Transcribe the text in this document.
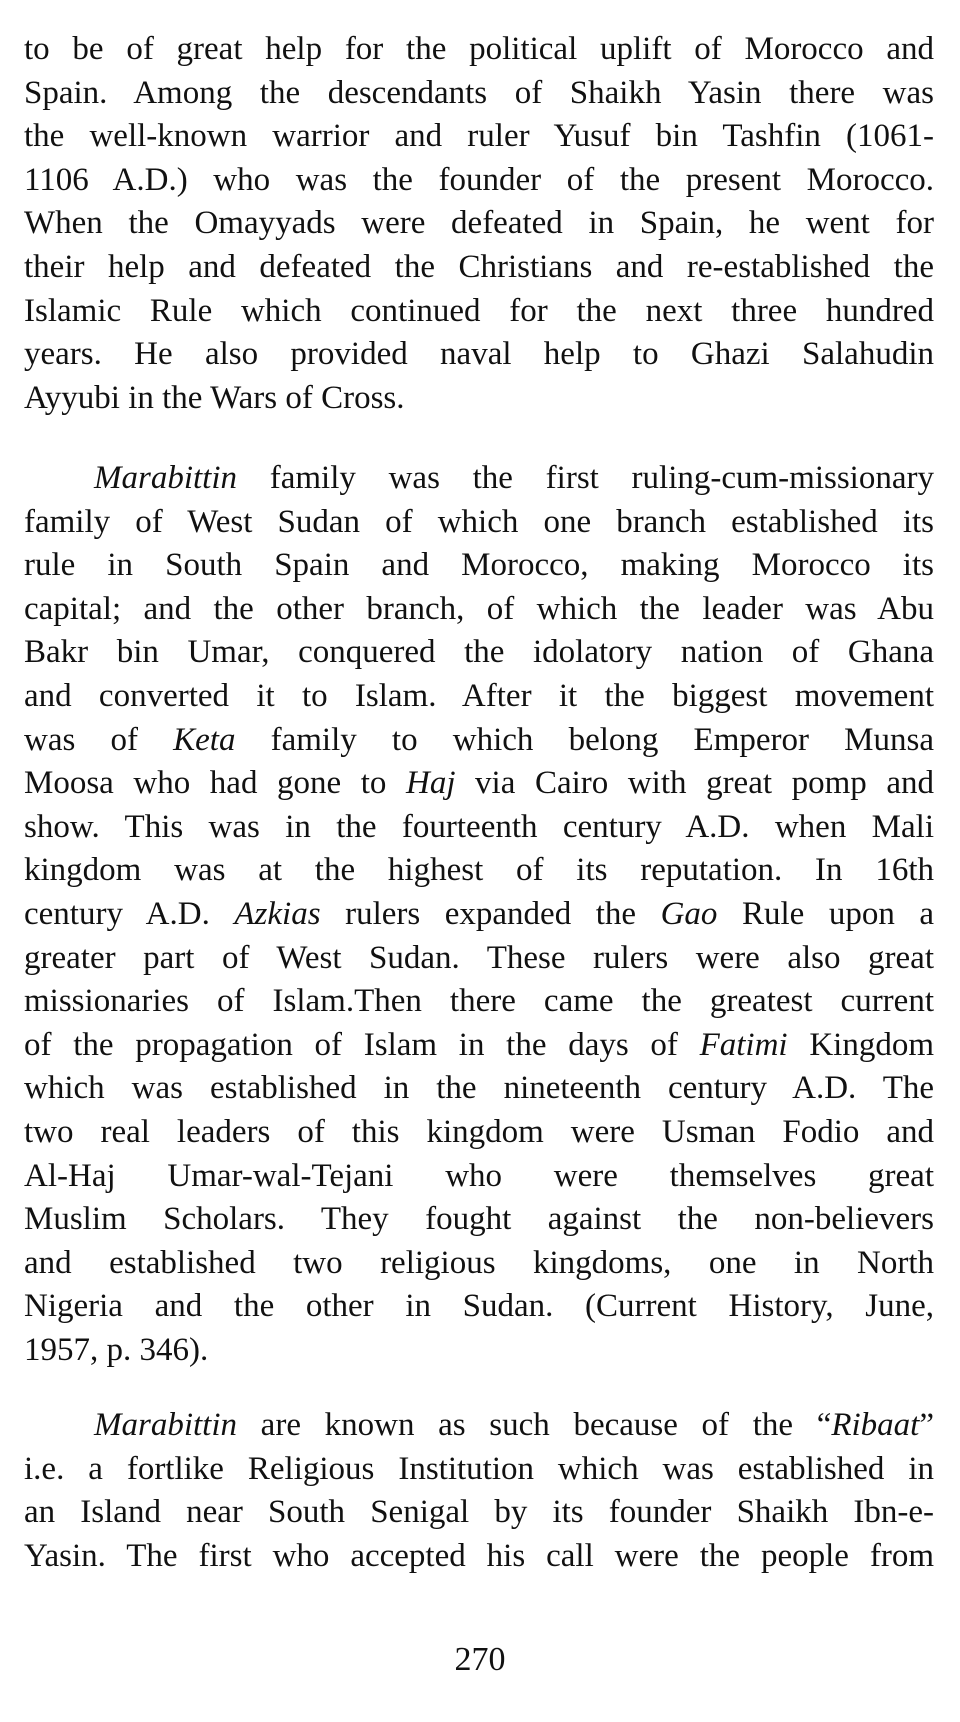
to be of great help for the political uplift of Morocco and
Spain. Among the descendants of Shaikh Yasin there was
the well-known warrior and ruler Yusuf bin Tashfin (1061-
1106 A.D.) who was the founder of the present Morocco.
When the Omayyads were defeated in Spain, he went for
their help and defeated the Christians and re-established the
Islamic Rule which continued for the next three hundred
years. He also provided naval help to Ghazi Salahudin
Ayyubi in the Wars of Cross.
Marabittin family was the first ruling-cum-missionary
family of West Sudan of which one branch established its
rule in South Spain and Morocco, making Morocco its
capital; and the other branch, of which the leader was Abu
Bakr bin Umar, conquered the idolatory nation of Ghana
and converted it to Islam. After it the biggest movement
was of Keta family to which belong Emperor Munsa
Moosa who had gone to Haj via Cairo with great pomp and
show. This was in the fourteenth century A.D. when Mali
kingdom was at the highest of its reputation. In 16th
century A.D. Azkias rulers expanded the Gao Rule upon a
greater part of West Sudan. These rulers were also great
missionaries of Islam.Then there came the greatest current
of the propagation of Islam in the days of Fatimi Kingdom
which was established in the nineteenth century A.D. The
two real leaders of this kingdom were Usman Fodio and
Al-Haj Umar-wal-Tejani who were themselves great
Muslim Scholars. They fought against the non-believers
and established two religious kingdoms, one in North
Nigeria and the other in Sudan. (Current History, June,
1957, p. 346).
Marabittin are known as such because of the “Ribaat”
i.e. a fortlike Religious Institution which was established in
an Island near South Senigal by its founder Shaikh Ibn-e-
Yasin. The first who accepted his call were the people from
270
